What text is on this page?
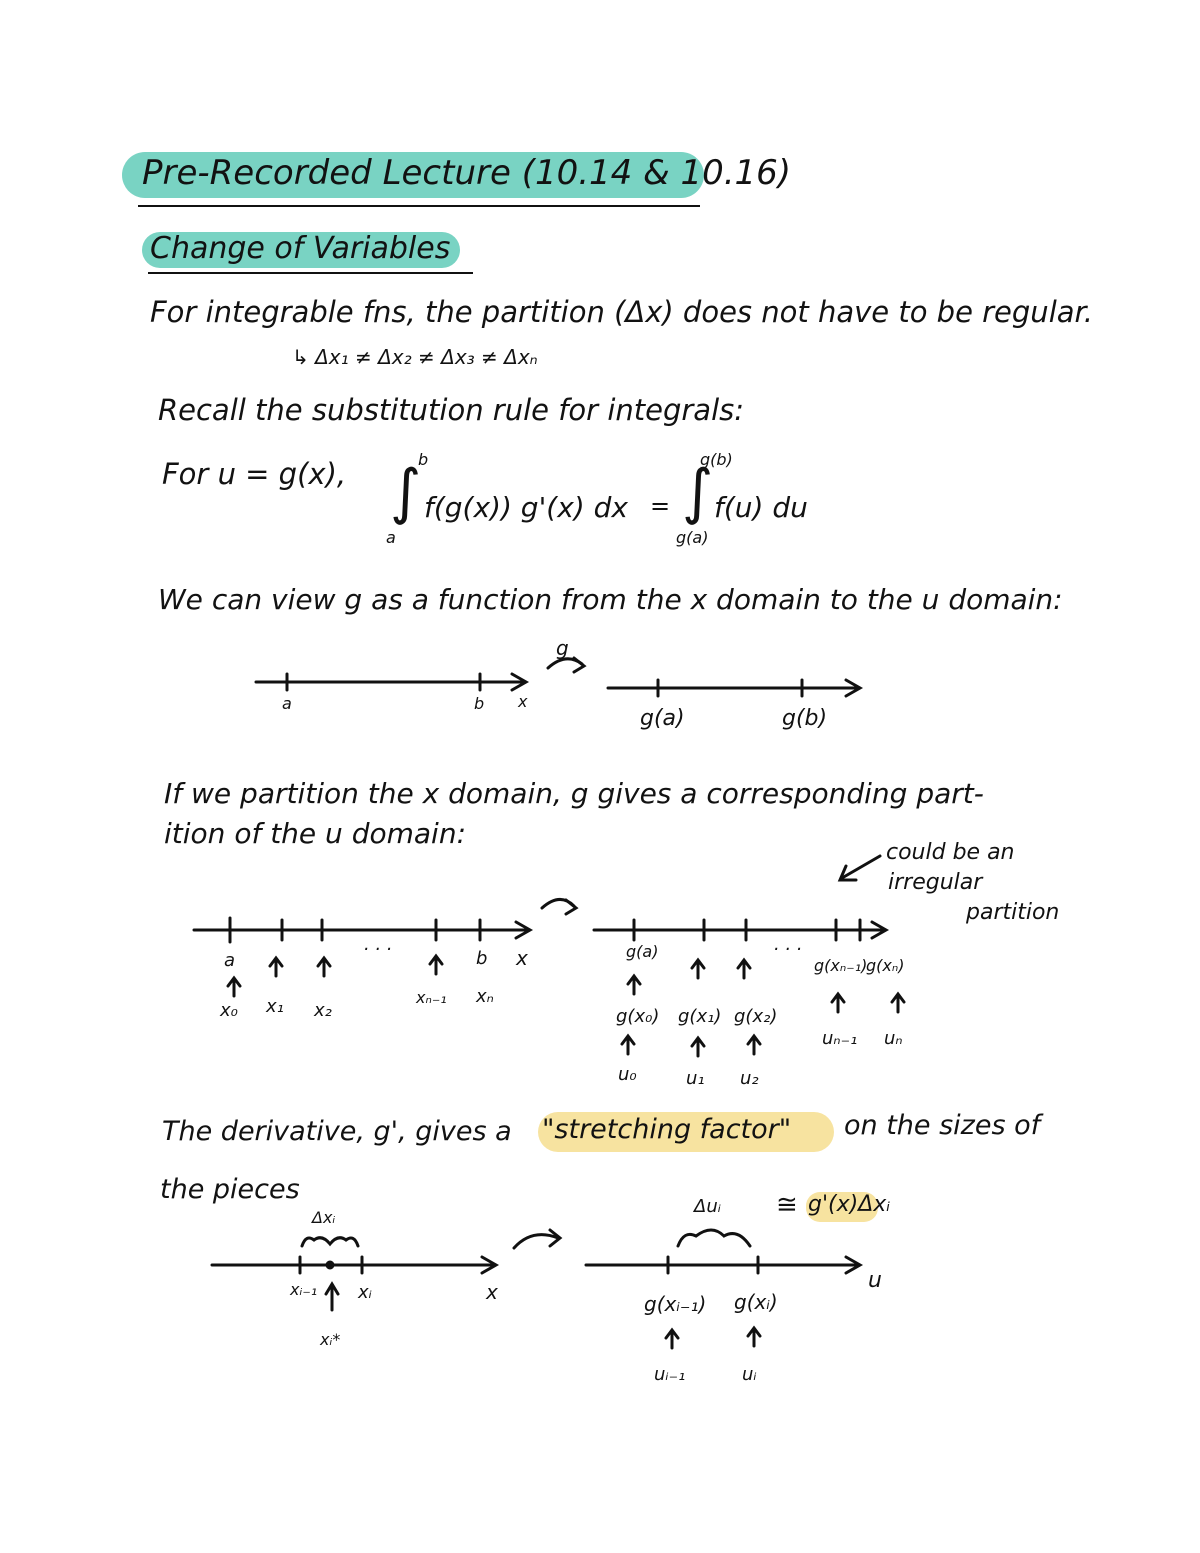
Pre-Recorded Lecture (10.14 & 10.16)
Change of Variables
For integrable fns, the partition (Δx) does not have to be regular.
↳ Δx₁ ≠ Δx₂ ≠ Δx₃ ≠ Δxₙ
Recall the substitution rule for integrals:
For u = g(x), ∫
b
a
f(g(x)) g'(x) dx = ∫
g(b)
g(a)
f(u) du
We can view g as a function from the x domain to the u domain:
g
a	b x
g(a)	g(b)
If we partition the x domain, g gives a corresponding part-
ition of the u domain:
a	b x
. . .
x₀ x₁ x₂
xₙ₋₁ xₙ
g(a)	. . .
g(xₙ₋₁)
g(xₙ)
g(x₀) g(x₁) g(x₂)
u₀	u₁ u₂
uₙ₋₁ uₙ
could be an
irregular
partition
The derivative, g', gives a "stretching factor" on the sizes of
the pieces
Δxᵢ
xᵢ₋₁ xᵢ
xᵢ*
x
Δuᵢ ≅ g'(x)Δxᵢ
g(xᵢ₋₁) g(xᵢ)
uᵢ₋₁	uᵢ
u
